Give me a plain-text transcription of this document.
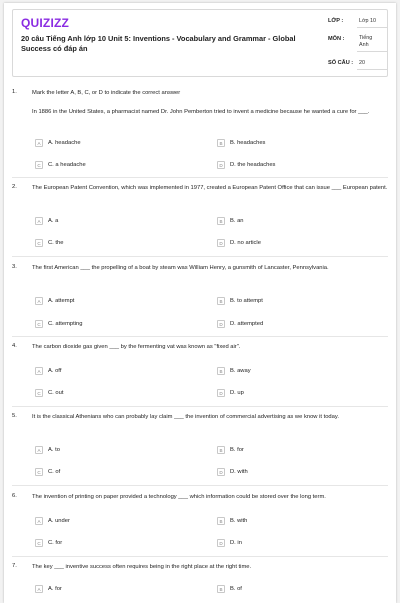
QUIZIZZ
20 câu Tiếng Anh lớp 10 Unit 5: Inventions - Vocabulary and Grammar - Global Success có đáp án
LỚP :	Lớp 10
MÔN :	Tiếng
Anh
SỐ CÂU : 20
1.	Mark the letter A, B, C, or D to indicate the correct answer
In 1886 in the United States, a pharmacist named Dr. John Pemberton tried to invent a medicine because he wanted a cure for ___.
A	A. headache	B	B. headaches
C	C. a headache	D	D. the headaches
2.	The European Patent Convention, which was implemented in 1977, created a European Patent Office that can issue ___ European patent.
A	A. a	B	B. an
C	C. the	D	D. no article
3.	The first American ___ the propelling of a boat by steam was William Henry, a gunsmith of Lancaster, Pennsylvania.
A	A. attempt	B	B. to attempt
C	C. attempting	D	D. attempted
4.	The carbon dioxide gas given ___ by the fermenting vat was known as "fixed air".
A	A. off	B	B. away
C	C. out	D	D. up
5.	It is the classical Athenians who can probably lay claim ___ the invention of commercial advertising as we know it today.
A	A. to	B	B. for
C	C. of	D	D. with
6.	The invention of printing on paper provided a technology ___ which information could be stored over the long term.
A	A. under	B	B. with
C	C. for	D	D. in
7.	The key ___ inventive success often requires being in the right place at the right time.
A	A. for	B	B. of
